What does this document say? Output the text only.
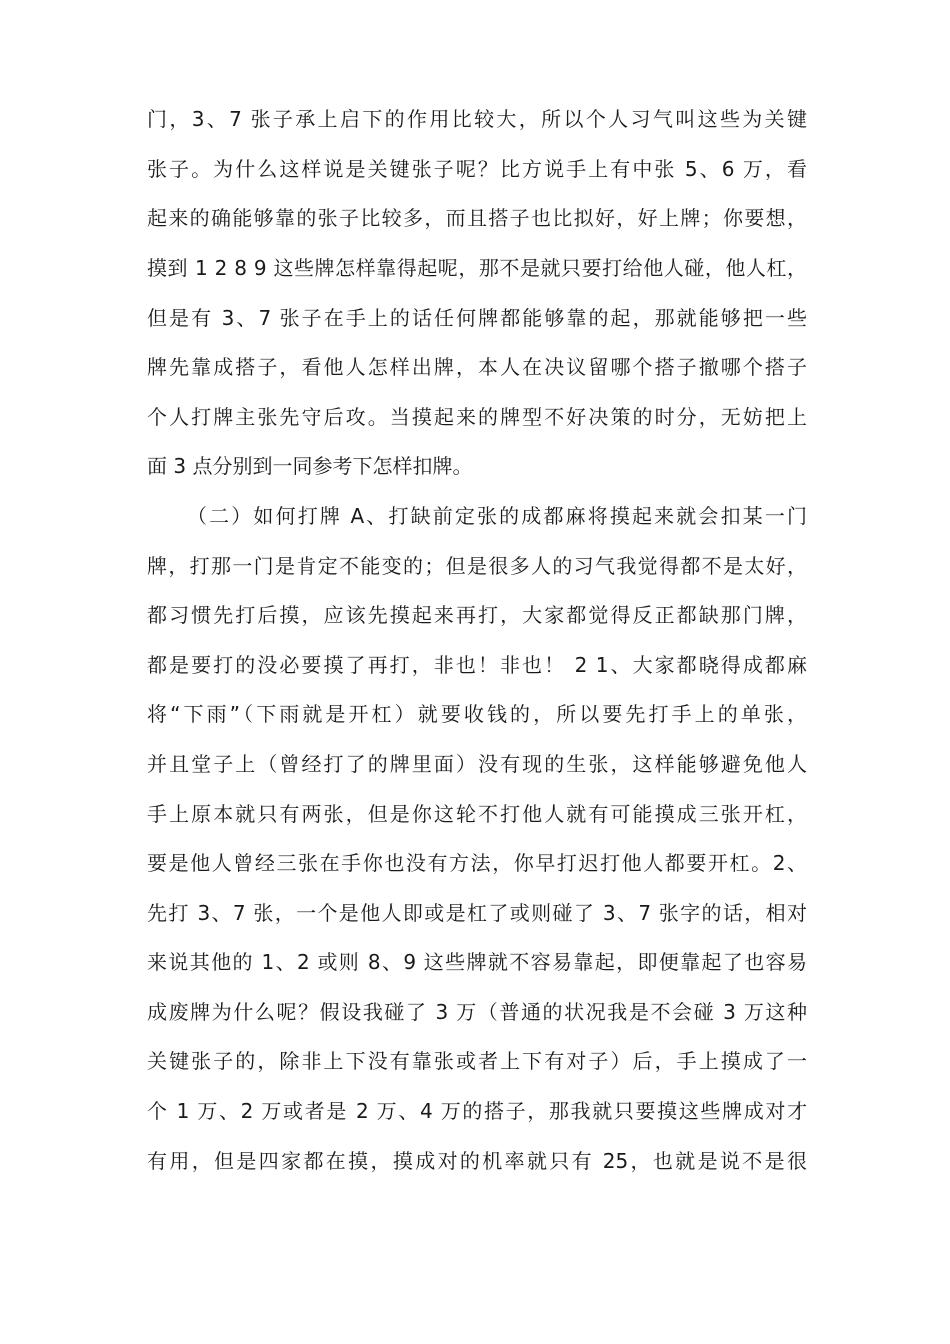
门，3、7 张子承上启下的作用比较大，所以个人习气叫这些为关键
张子。为什么这样说是关键张子呢？比方说手上有中张 5、6 万，看
起来的确能够靠的张子比较多，而且搭子也比拟好，好上牌；你要想，
摸到 1 2 8 9 这些牌怎样靠得起呢，那不是就只要打给他人碰，他人杠，
但是有 3、7 张子在手上的话任何牌都能够靠的起，那就能够把一些
牌先靠成搭子，看他人怎样出牌，本人在决议留哪个搭子撤哪个搭子
个人打牌主张先守后攻。当摸起来的牌型不好决策的时分，无妨把上
面 3 点分别到一同参考下怎样扣牌。
（二）如何打牌 A、打缺前定张的成都麻将摸起来就会扣某一门
牌，打那一门是肯定不能变的；但是很多人的习气我觉得都不是太好，
都习惯先打后摸，应该先摸起来再打，大家都觉得反正都缺那门牌，
都是要打的没必要摸了再打，非也！非也！ 2 1、大家都晓得成都麻
将“下雨”（下雨就是开杠）就要收钱的，所以要先打手上的单张，
并且堂子上（曾经打了的牌里面）没有现的生张，这样能够避免他人
手上原本就只有两张，但是你这轮不打他人就有可能摸成三张开杠，
要是他人曾经三张在手你也没有方法，你早打迟打他人都要开杠。2、
先打 3、7 张，一个是他人即或是杠了或则碰了 3、7 张字的话，相对
来说其他的 1、2 或则 8、9 这些牌就不容易靠起，即便靠起了也容易
成废牌为什么呢？假设我碰了 3 万（普通的状况我是不会碰 3 万这种
关键张子的，除非上下没有靠张或者上下有对子）后，手上摸成了一
个 1 万、2 万或者是 2 万、4 万的搭子，那我就只要摸这些牌成对才
有用，但是四家都在摸，摸成对的机率就只有 25，也就是说不是很
